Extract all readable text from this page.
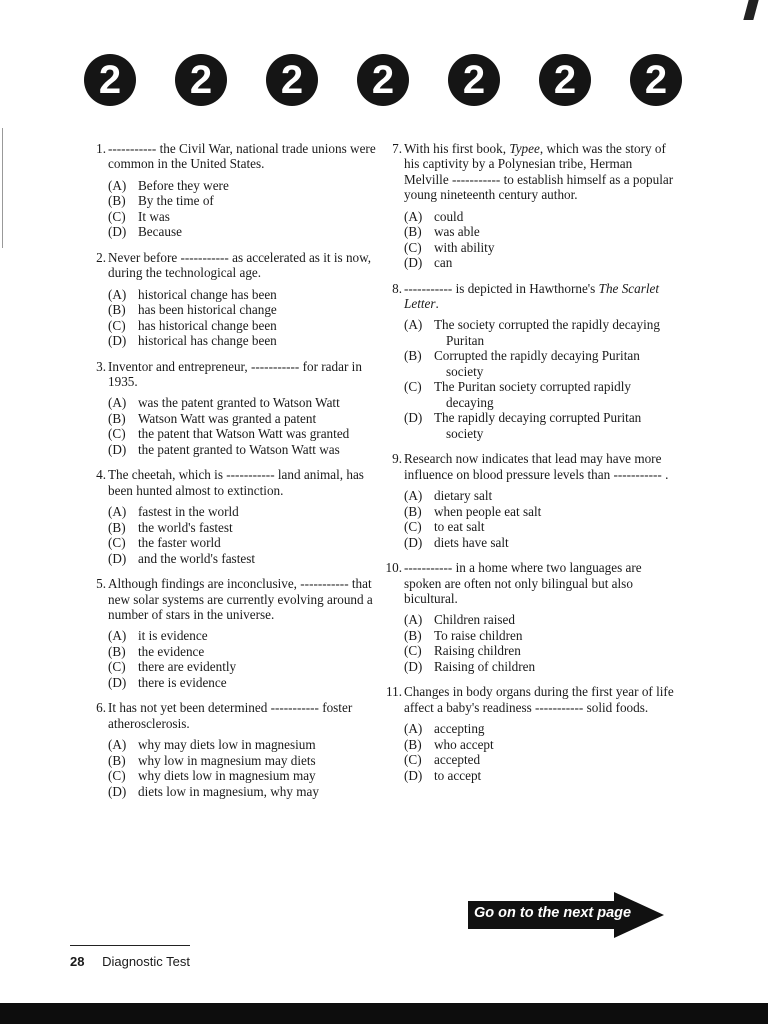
2	2	2	2	2	2	2
1. ----------- the Civil War, national trade unions were common in the United States.
(A) Before they were
(B) By the time of
(C) It was
(D) Because
2. Never before ----------- as accelerated as it is now, during the technological age.
(A) historical change has been
(B) has been historical change
(C) has historical change been
(D) historical has change been
3. Inventor and entrepreneur, ----------- for radar in 1935.
(A) was the patent granted to Watson Watt
(B) Watson Watt was granted a patent
(C) the patent that Watson Watt was granted
(D) the patent granted to Watson Watt was
4. The cheetah, which is ----------- land animal, has been hunted almost to extinction.
(A) fastest in the world
(B) the world's fastest
(C) the faster world
(D) and the world's fastest
5. Although findings are inconclusive, ----------- that new solar systems are currently evolving around a number of stars in the universe.
(A) it is evidence
(B) the evidence
(C) there are evidently
(D) there is evidence
6. It has not yet been determined ----------- foster atherosclerosis.
(A) why may diets low in magnesium
(B) why low in magnesium may diets
(C) why diets low in magnesium may
(D) diets low in magnesium, why may
7. With his first book, Typee, which was the story of his captivity by a Polynesian tribe, Herman Melville ----------- to establish himself as a popular young nineteenth century author.
(A) could
(B) was able
(C) with ability
(D) can
8. ----------- is depicted in Hawthorne's The Scarlet Letter.
(A) The society corrupted the rapidly decaying Puritan
(B) Corrupted the rapidly decaying Puritan society
(C) The Puritan society corrupted rapidly decaying
(D) The rapidly decaying corrupted Puritan society
9. Research now indicates that lead may have more influence on blood pressure levels than ----------- .
(A) dietary salt
(B) when people eat salt
(C) to eat salt
(D) diets have salt
10. ----------- in a home where two languages are spoken are often not only bilingual but also bicultural.
(A) Children raised
(B) To raise children
(C) Raising children
(D) Raising of children
11. Changes in body organs during the first year of life affect a baby's readiness ----------- solid foods.
(A) accepting
(B) who accept
(C) accepted
(D) to accept
Go on to the next page
28 Diagnostic Test
